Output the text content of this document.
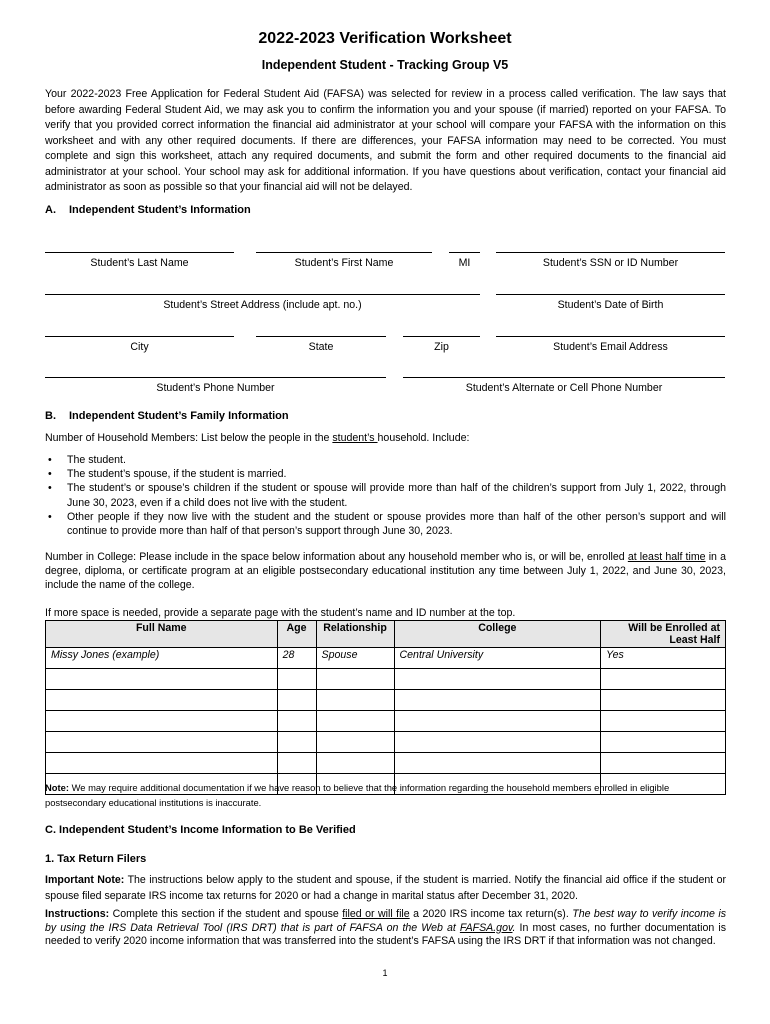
2022-2023 Verification Worksheet
Independent Student - Tracking Group V5
Your 2022-2023 Free Application for Federal Student Aid (FAFSA) was selected for review in a process called verification. The law says that before awarding Federal Student Aid, we may ask you to confirm the information you and your spouse (if married) reported on your FAFSA. To verify that you provided correct information the financial aid administrator at your school will compare your FAFSA with the information on this worksheet and with any other required documents. If there are differences, your FAFSA information may need to be corrected. You must complete and sign this worksheet, attach any required documents, and submit the form and other required documents to the financial aid administrator at your school. Your school may ask for additional information. If you have questions about verification, contact your financial aid administrator as soon as possible so that your financial aid will not be delayed.
A. Independent Student’s Information
Student’s Last Name	Student’s First Name	MI	Student’s SSN or ID Number
Student’s Street Address (include apt. no.)	Student’s Date of Birth
City	State	Zip	Student’s Email Address
Student’s Phone Number	Student’s Alternate or Cell Phone Number
B. Independent Student’s Family Information
Number of Household Members: List below the people in the student’s household. Include:
• The student.
• The student’s spouse, if the student is married.
• The student’s or spouse’s children if the student or spouse will provide more than half of the children’s support from July 1, 2022, through June 30, 2023, even if a child does not live with the student.
• Other people if they now live with the student and the student or spouse provides more than half of the other person’s support and will continue to provide more than half of that person’s support through June 30, 2023.
Number in College: Please include in the space below information about any household member who is, or will be, enrolled at least half time in a degree, diploma, or certificate program at an eligible postsecondary educational institution any time between July 1, 2022, and June 30, 2023, include the name of the college.
If more space is needed, provide a separate page with the student’s name and ID number at the top.
Full Name	Age	Relationship	College	Will be Enrolled at Least Half
Missy Jones (example)	28	Spouse	Central University	Yes

Note: We may require additional documentation if we have reason to believe that the information regarding the household members enrolled in eligible postsecondary educational institutions is inaccurate.
C. Independent Student’s Income Information to Be Verified
1. Tax Return Filers
Important Note: The instructions below apply to the student and spouse, if the student is married. Notify the financial aid office if the student or spouse filed separate IRS income tax returns for 2020 or had a change in marital status after December 31, 2020.
Instructions: Complete this section if the student and spouse filed or will file a 2020 IRS income tax return(s). The best way to verify income is by using the IRS Data Retrieval Tool (IRS DRT) that is part of FAFSA on the Web at FAFSA.gov. In most cases, no further documentation is needed to verify 2020 income information that was transferred into the student’s FAFSA using the IRS DRT if that information was not changed.
1
